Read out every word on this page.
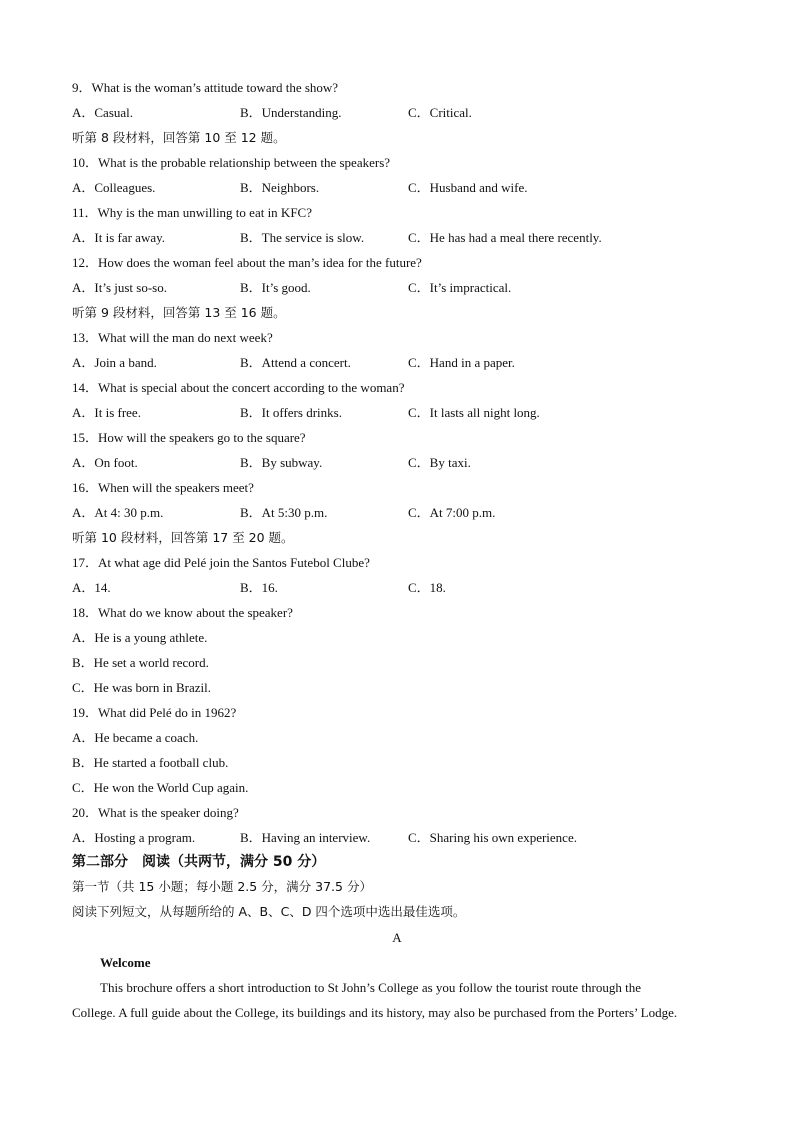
9．What is the woman’s attitude toward the show?
A．Casual.	B．Understanding.	C．Critical.
听第 8 段材料，回答第 10 至 12 题。
10．What is the probable relationship between the speakers?
A．Colleagues.	B．Neighbors.	C．Husband and wife.
11．Why is the man unwilling to eat in KFC?
A．It is far away.	B．The service is slow.	C．He has had a meal there recently.
12．How does the woman feel about the man’s idea for the future?
A．It’s just so-so.	B．It’s good.	C．It’s impractical.
听第 9 段材料，回答第 13 至 16 题。
13．What will the man do next week?
A．Join a band.	B．Attend a concert.	C．Hand in a paper.
14．What is special about the concert according to the woman?
A．It is free.	B．It offers drinks.	C．It lasts all night long.
15．How will the speakers go to the square?
A．On foot.	B．By subway.	C．By taxi.
16．When will the speakers meet?
A．At 4: 30 p.m.	B．At 5:30 p.m.	C．At 7:00 p.m.
听第 10 段材料，回答第 17 至 20 题。
17．At what age did Pelé join the Santos Futebol Clube?
A．14.	B．16.	C．18.
18．What do we know about the speaker?
A．He is a young athlete.
B．He set a world record.
C．He was born in Brazil.
19．What did Pelé do in 1962?
A．He became a coach.
B．He started a football club.
C．He won the World Cup again.
20．What is the speaker doing?
A．Hosting a program.	B．Having an interview.	C．Sharing his own experience.
第二部分　阅读（共两节，满分 50 分）
第一节（共 15 小题；每小题 2.5 分，满分 37.5 分）
阅读下列短文，从每题所给的 A、B、C、D 四个选项中选出最佳选项。
A
Welcome
This brochure offers a short introduction to St John’s College as you follow the tourist route through the
College. A full guide about the College, its buildings and its history, may also be purchased from the Porters’ Lodge.
